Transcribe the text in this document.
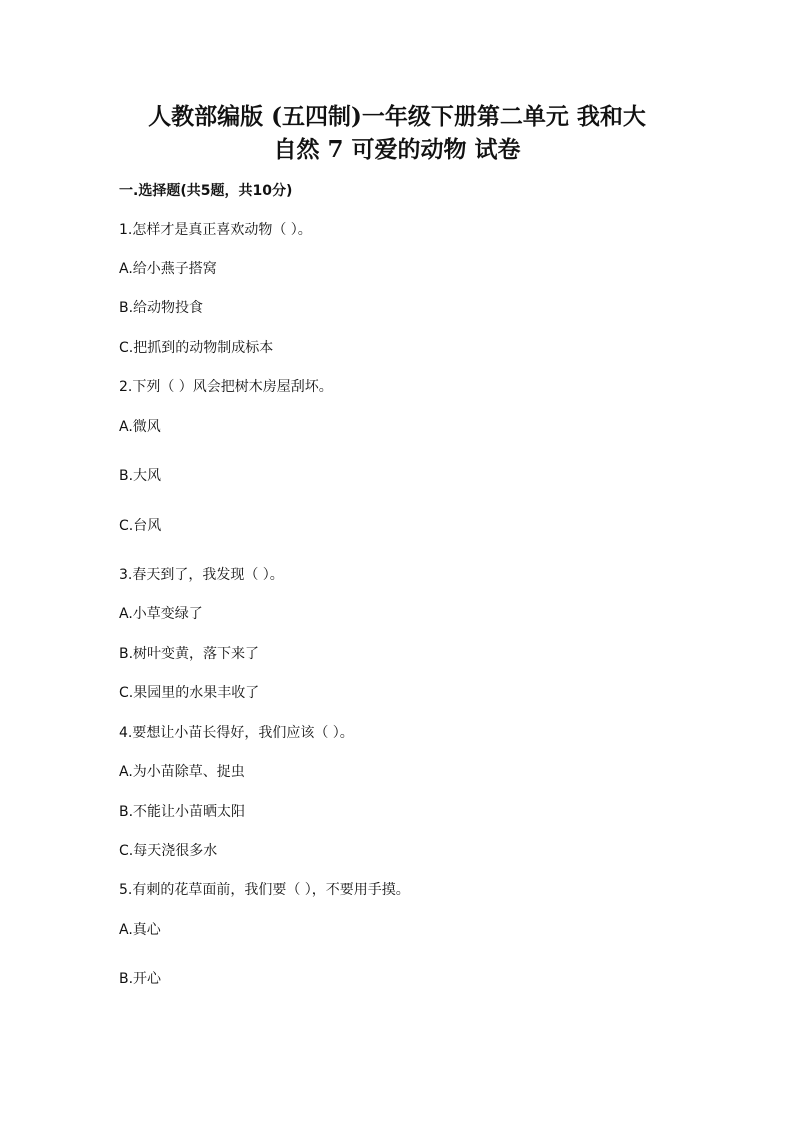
人教部编版 (五四制)一年级下册第二单元 我和大
自然 7 可爱的动物 试卷
一.选择题(共5题，共10分)
1.怎样才是真正喜欢动物（ ）。
A.给小燕子搭窝
B.给动物投食
C.把抓到的动物制成标本
2.下列（ ）风会把树木房屋刮坏。
A.微风
B.大风
C.台风
3.春天到了，我发现（ ）。
A.小草变绿了
B.树叶变黄，落下来了
C.果园里的水果丰收了
4.要想让小苗长得好，我们应该（ ）。
A.为小苗除草、捉虫
B.不能让小苗晒太阳
C.每天浇很多水
5.有刺的花草面前，我们要（ ），不要用手摸。
A.真心
B.开心
